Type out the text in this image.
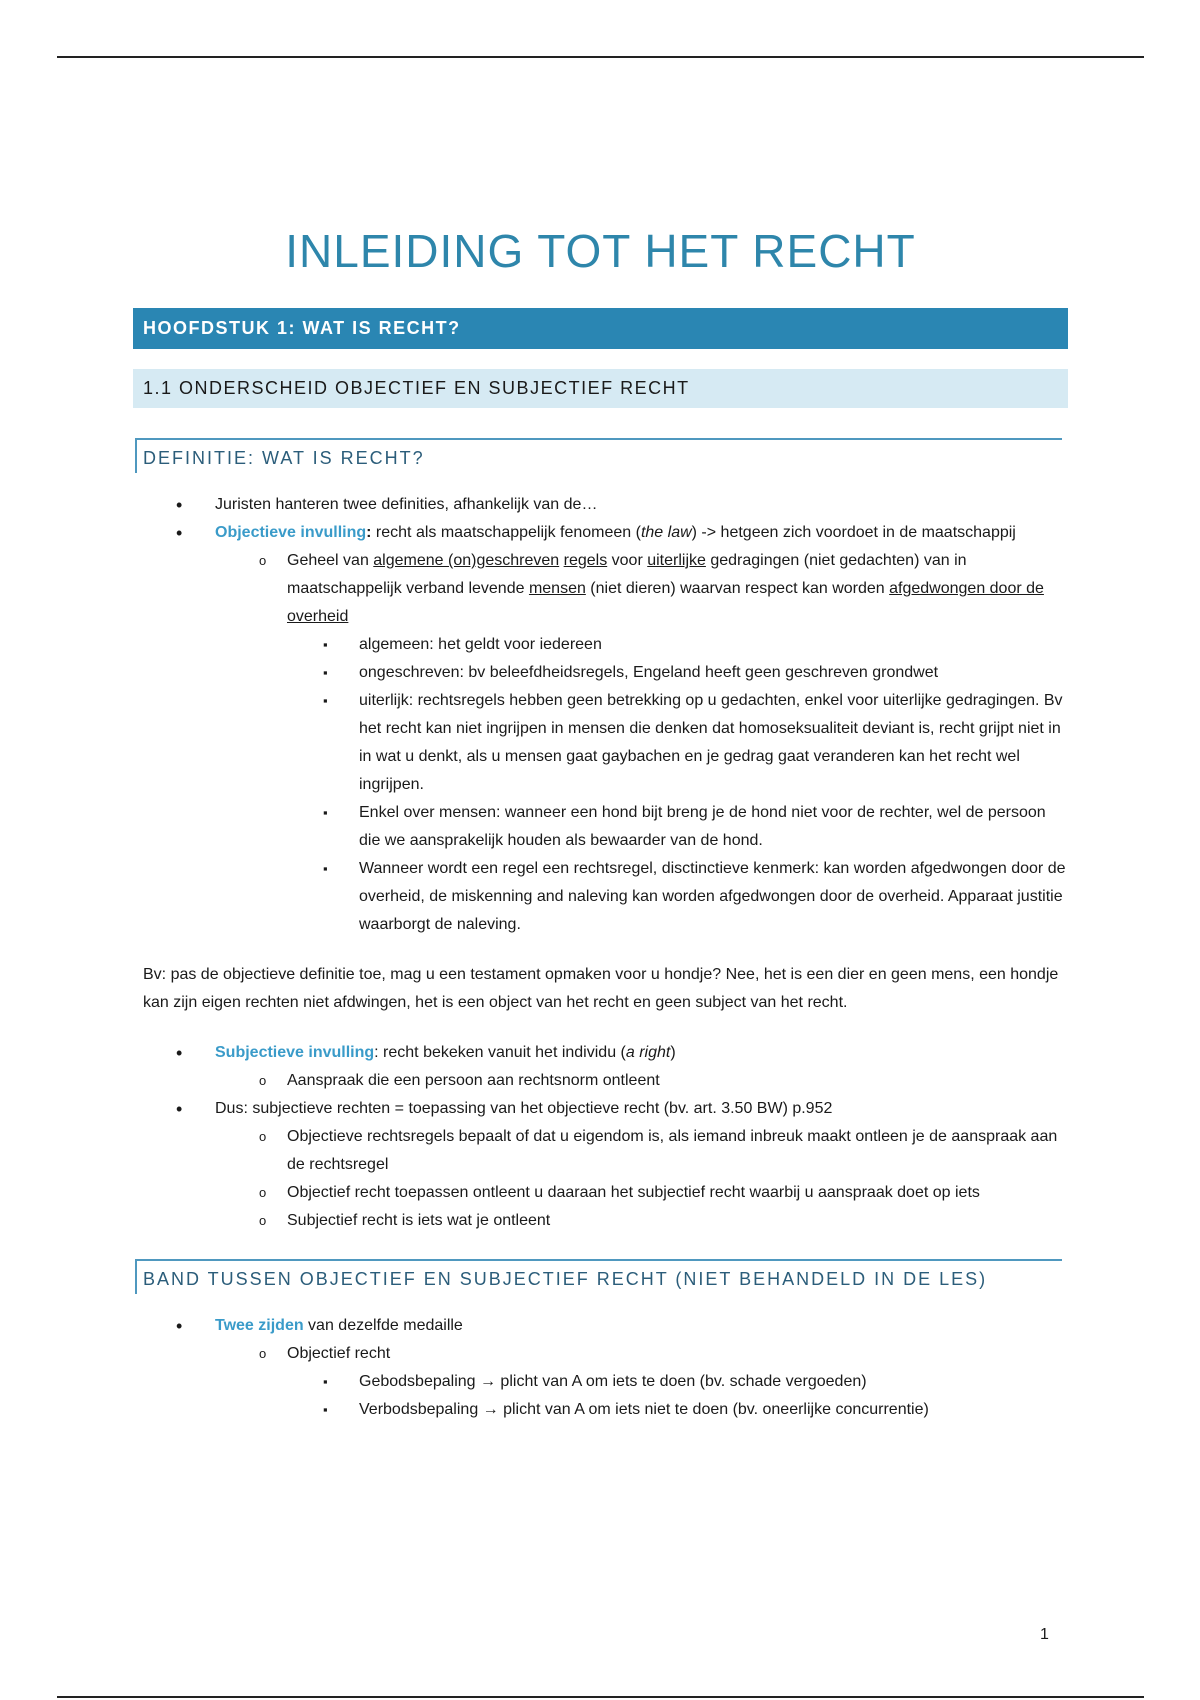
INLEIDING TOT HET RECHT
HOOFDSTUK 1: WAT IS RECHT?
1.1 ONDERSCHEID OBJECTIEF EN SUBJECTIEF RECHT
DEFINITIE: WAT IS RECHT?
• Juristen hanteren twee definities, afhankelijk van de…
• Objectieve invulling: recht als maatschappelijk fenomeen (the law) -> hetgeen zich voordoet in de maatschappij
o Geheel van algemene (on)geschreven regels voor uiterlijke gedragingen (niet gedachten) van in maatschappelijk verband levende mensen (niet dieren) waarvan respect kan worden afgedwongen door de overheid
▪ algemeen: het geldt voor iedereen
▪ ongeschreven: bv beleefdheidsregels, Engeland heeft geen geschreven grondwet
▪ uiterlijk: rechtsregels hebben geen betrekking op u gedachten, enkel voor uiterlijke gedragingen. Bv het recht kan niet ingrijpen in mensen die denken dat homoseksualiteit deviant is, recht grijpt niet in in wat u denkt, als u mensen gaat gaybachen en je gedrag gaat veranderen kan het recht wel ingrijpen.
▪ Enkel over mensen: wanneer een hond bijt breng je de hond niet voor de rechter, wel de persoon die we aansprakelijk houden als bewaarder van de hond.
▪ Wanneer wordt een regel een rechtsregel, disctinctieve kenmerk: kan worden afgedwongen door de overheid, de miskenning and naleving kan worden afgedwongen door de overheid. Apparaat justitie waarborgt de naleving.
Bv: pas de objectieve definitie toe, mag u een testament opmaken voor u hondje? Nee, het is een dier en geen mens, een hondje kan zijn eigen rechten niet afdwingen, het is een object van het recht en geen subject van het recht.
• Subjectieve invulling: recht bekeken vanuit het individu (a right)
o Aanspraak die een persoon aan rechtsnorm ontleent
• Dus: subjectieve rechten = toepassing van het objectieve recht (bv. art. 3.50 BW) p.952
o Objectieve rechtsregels bepaalt of dat u eigendom is, als iemand inbreuk maakt ontleen je de aanspraak aan de rechtsregel
o Objectief recht toepassen ontleent u daaraan het subjectief recht waarbij u aanspraak doet op iets
o Subjectief recht is iets wat je ontleent
BAND TUSSEN OBJECTIEF EN SUBJECTIEF RECHT (NIET BEHANDELD IN DE LES)
• Twee zijden van dezelfde medaille
o Objectief recht
▪ Gebodsbepaling → plicht van A om iets te doen (bv. schade vergoeden)
▪ Verbodsbepaling → plicht van A om iets niet te doen (bv. oneerlijke concurrentie)
1
